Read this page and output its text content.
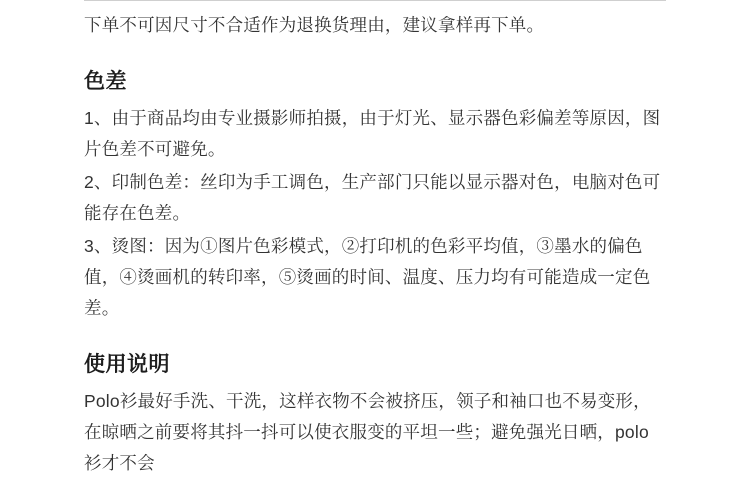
下单不可因尺寸不合适作为退换货理由，建议拿样再下单。

色差

1、由于商品均由专业摄影师拍摄，由于灯光、显示器色彩偏差等原因，图片色差不可避免。

2、印制色差：丝印为手工调色，生产部门只能以显示器对色，电脑对色可能存在色差。

3、烫图：因为①图片色彩模式，②打印机的色彩平均值，③墨水的偏色值，④烫画机的转印率，⑤烫画的时间、温度、压力均有可能造成一定色差。

使用说明

Polo衫最好手洗、干洗，这样衣物不会被挤压，领子和袖口也不易变形，在晾晒之前要将其抖一抖可以使衣服变的平坦一些；避免强光日晒，polo衫才不会
